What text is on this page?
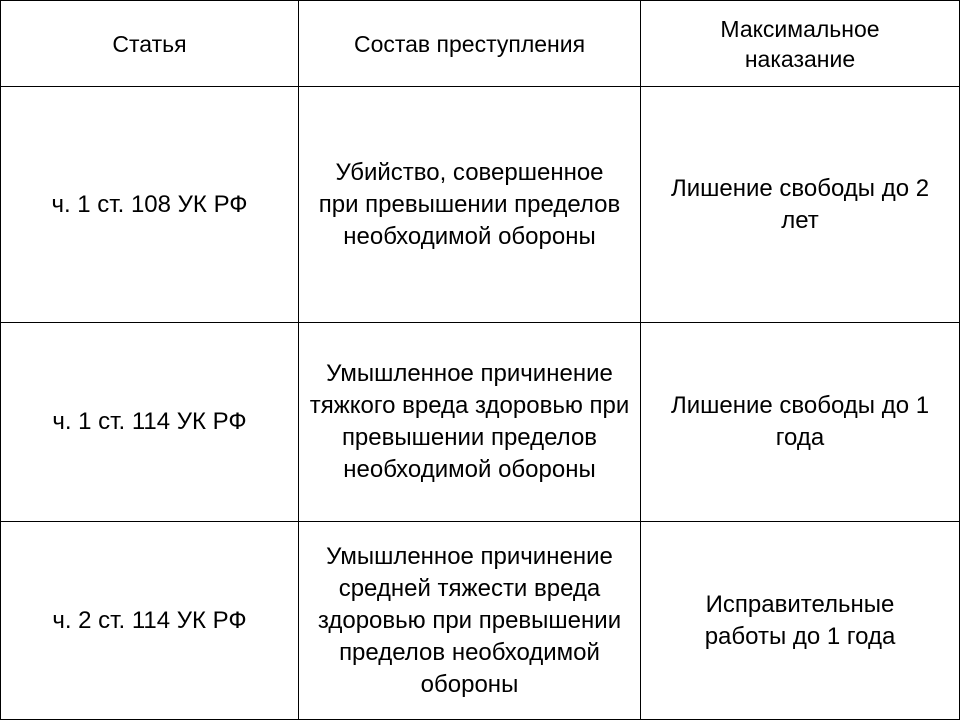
Статья	Состав преступления	Максимальное наказание
ч. 1 ст. 108 УК РФ	Убийство, совершенное при превышении пределов необходимой обороны	Лишение свободы до 2 лет
ч. 1 ст. 114 УК РФ	Умышленное причинение тяжкого вреда здоровью при превышении пределов необходимой обороны	Лишение свободы до 1 года
ч. 2 ст. 114 УК РФ	Умышленное причинение средней тяжести вреда здоровью при превышении пределов необходимой обороны	Исправительные работы до 1 года
